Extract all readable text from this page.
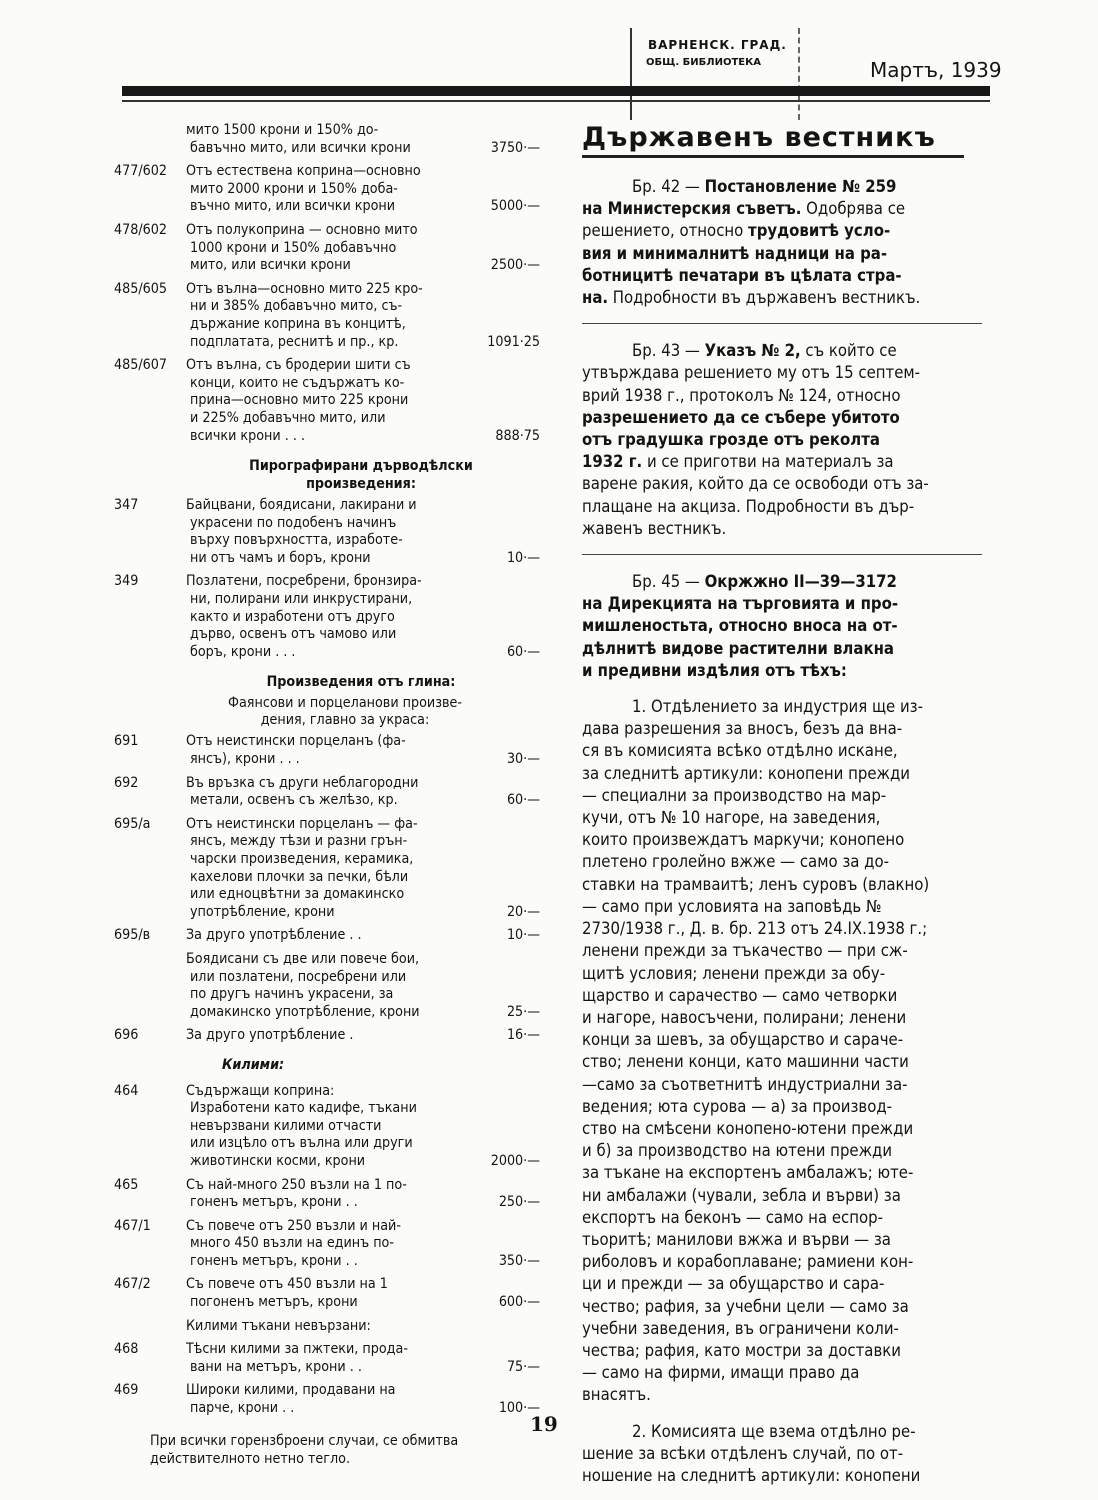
ВАРНЕНСК. ГРАД.
ОБЩ. БИБЛИОТЕКА	Мартъ, 1939
мито 1500 крони и 150% до-
бавъчно мито, или всички крони	3750·—
477/602	Отъ естествена коприна—основно
мито 2000 крони и 150% доба-
въчно мито, или всички крони	5000·—
478/602	Отъ полукоприна — основно мито
1000 крони и 150% добавъчно
мито, или всички крони	2500·—
485/605	Отъ вълна—основно мито 225 кро-
ни и 385% добавъчно мито, съ-
държание коприна въ концитѣ,
подплатата, реснитѣ и пр., кр.	1091·25
485/607	Отъ вълна, съ бродерии шити съ
конци, които не съдържатъ ко-
прина—основно мито 225 крони
и 225% добавъчно мито, или
всички крони . . .	888·75
Пирографирани дърводѣлски
произведения:
347	Байцвани, боядисани, лакирани и
украсени по подобенъ начинъ
върху повърхността, изработе-
ни отъ чамъ и боръ, крони	10·—
349	Позлатени, посребрени, бронзира-
ни, полирани или инкрустирани,
както и изработени отъ друго
дърво, освенъ отъ чамово или
боръ, крони . . .	60·—
Произведения отъ глина:
Фаянсови и порцеланови произве-
дения, главно за украса:
691	Отъ неистински порцеланъ (фа-
янсъ), крони . . .	30·—
692	Въ връзка съ други неблагородни
метали, освенъ съ желѣзо, кр.	60·—
695/а	Отъ неистински порцеланъ — фа-
янсъ, между тѣзи и разни грън-
чарски произведения, керамика,
кахелови плочки за печки, бѣли
или едноцвѣтни за домакинско
употрѣбление, крони	20·—
695/в	За друго употрѣбление . .	10·—
Боядисани съ две или повече бои,
или позлатени, посребрени или
по другъ начинъ украсени, за
домакинско употрѣбление, крони	25·—
696	За друго употрѣбление .	16·—
Килими:
464	Съдържащи коприна:
Изработени като кадифе, тъкани
невързвани килими отчасти
или изцѣло отъ вълна или други
животински косми, крони	2000·—
465	Съ най-много 250 възли на 1 по-
гоненъ метъръ, крони . .	250·—
467/1	Съ повече отъ 250 възли и най-
много 450 възли на единъ по-
гоненъ метъръ, крони . .	350·—
467/2	Съ повече отъ 450 възли на 1
погоненъ метъръ, крони	600·—
Килими тъкани невързани:
468	Тѣсни килими за пжтеки, прода-
вани на метъръ, крони . .	75·—
469	Широки килими, продавани на
парче, крони . .	100·—
При всички горензброени случаи, се обмитва
действителното нетно тегло.
Държавенъ вестникъ
Бр. 42 — Постановление № 259
на Министерския съветъ. Одобрява се
решението, относно трудовитѣ усло-
вия и минималнитѣ надници на ра-
ботницитѣ печатари въ цѣлата стра-
на. Подробности въ държавенъ вестникъ.
Бр. 43 — Указъ № 2, съ който се
утвърждава решението му отъ 15 септем-
врий 1938 г., протоколъ № 124, относно
разрешението да се събере убитото
отъ градушка грозде отъ реколта
1932 г. и се приготви на материалъ за
варене ракия, който да се освободи отъ за-
плащане на акциза. Подробности въ дър-
жавенъ вестникъ.
Бр. 45 — Окржжно II—39—3172
на Дирекцията на търговията и про-
мишленостьта, относно вноса на от-
дѣлнитѣ видове растителни влакна
и предивни издѣлия отъ тѣхъ:
1. Отдѣлението за индустрия ще из-
дава разрешения за вносъ, безъ да вна-
ся въ комисията всѣко отдѣлно искане,
за следнитѣ артикули: конопени прежди
— специални за производство на мар-
кучи, отъ № 10 нагоре, на заведения,
които произвеждатъ маркучи; конопено
плетено гролейно вжже — само за до-
ставки на трамваитѣ; ленъ суровъ (влакно)
— само при условията на заповѣдь №
2730/1938 г., Д. в. бр. 213 отъ 24.IX.1938 г.;
ленени прежди за тъкачество — при сж-
щитѣ условия; ленени прежди за обу-
щарство и сарачество — само четворки
и нагоре, навосъчени, полирани; ленени
конци за шевъ, за обущарство и сараче-
ство; ленени конци, като машинни части
—само за съответнитѣ индустриални за-
ведения; юта сурова — а) за производ-
ство на смѣсени конопено-ютени прежди
и б) за производство на ютени прежди
за тъкане на експортенъ амбалажъ; юте-
ни амбалажи (чували, зебла и върви) за
експортъ на беконъ — само на еспор-
тьоритѣ; манилови вжжа и върви — за
риболовъ и корабоплаване; рамиени кон-
ци и прежди — за обущарство и сара-
чество; рафия, за учебни цели — само за
учебни заведения, въ ограничени коли-
чества; рафия, като мостри за доставки
— само на фирми, имащи право да
внасятъ.
2. Комисията ще взема отдѣлно ре-
шение за всѣки отдѣленъ случай, по от-
ношение на следнитѣ артикули: конопени
19
